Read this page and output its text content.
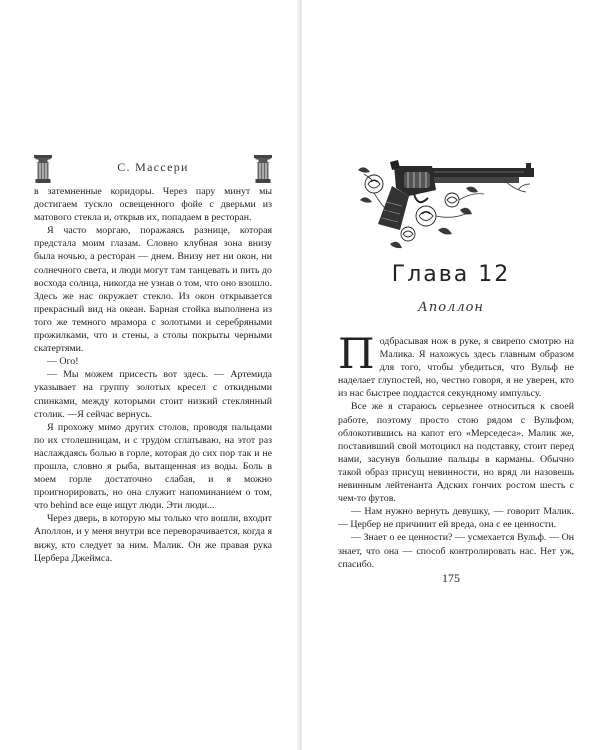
С. Массери

в затемненные коридоры. Через пару минут мы достигаем тускло освещенного фойе с дверьми из матового стекла и, открыв их, попадаем в ресторан.

Я часто моргаю, поражаясь разнице, которая предстала моим глазам. Словно клубная зона внизу была ночью, а ресторан — днем. Внизу нет ни окон, ни солнечного света, и люди могут там танцевать и пить до восхода солнца, никогда не узнав о том, что оно взошло. Здесь же нас окружает стекло. Из окон открывается прекрасный вид на океан. Барная стойка выполнена из того же темного мрамора с золотыми и серебряными прожилками, что и стены, а столы покрыты черными скатертями.

— Ого!

— Мы можем присесть вот здесь. — Артемида указывает на группу золотых кресел с откидными спинками, между которыми стоит низкий стеклянный столик. —Я сейчас вернусь.

Я прохожу мимо других столов, проводя пальцами по их столешницам, и с трудом сглатываю, на этот раз наслаждаясь болью в горле, которая до сих пор так и не прошла, словно я рыба, вытащенная из воды. Боль в моем горле достаточно слабая, и я можно проигнорировать, но она служит напоминанием о том, что behind все еще ищут люди. Эти люди...

Через дверь, в которую мы только что вошли, входит Аполлон, и у меня внутри все переворачивается, когда я вижу, кто следует за ним. Малик. Он же правая рука Цербера Джеймса.

Глава 12
Аполлон

Подбрасывая нож в руке, я свирепо смотрю на Малика. Я нахожусь здесь главным образом для того, чтобы убедиться, что Вульф не наделает глупостей, но, честно говоря, я не уверен, кто из нас быстрее поддастся секундному импульсу.

Все же я стараюсь серьезнее относиться к своей работе, поэтому просто стою рядом с Вульфом, облокотившись на капот его «Мерседеса». Малик же, поставивший свой мотоцикл на подставку, стоит перед нами, засунув большие пальцы в карманы. Обычно такой образ присущ невинности, но вряд ли назовешь невинным лейтенанта Адских гончих ростом шесть с чем-то футов.

— Нам нужно вернуть девушку, — говорит Малик. — Цербер не причинит ей вреда, она с ее ценности.

— Знает о ее ценности? — усмехается Вульф. — Он знает, что она — способ контролировать нас. Нет уж, спасибо.

175
